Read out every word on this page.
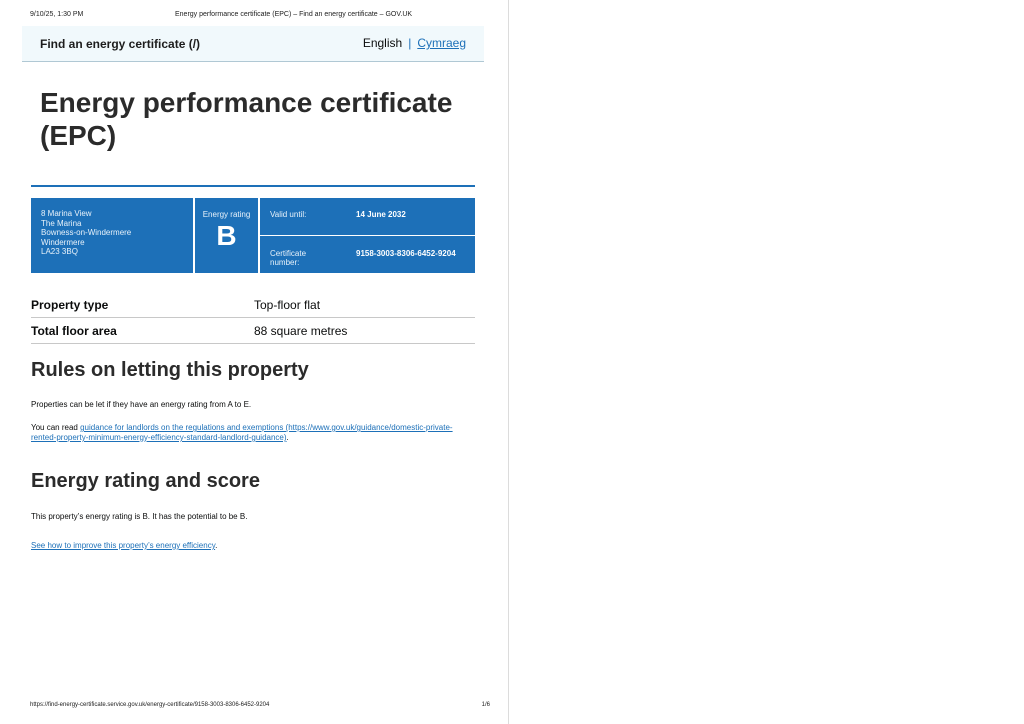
9/10/25, 1:30 PM	Energy performance certificate (EPC) – Find an energy certificate – GOV.UK
Find an energy certificate (/)	English | Cymraeg
Energy performance certificate (EPC)
8 Marina View
The Marina
Bowness-on-Windermere
Windermere
LA23 3BQ
Energy rating
B
Valid until:	14 June 2032
Certificate number:
9158-3003-8306-6452-9204
Property type	Top-floor flat
Total floor area	88 square metres
Rules on letting this property

Properties can be let if they have an energy rating from A to E.

You can read guidance for landlords on the regulations and exemptions (https://www.gov.uk/guidance/domestic-private-rented-property-minimum-energy-efficiency-standard-landlord-guidance).

Energy rating and score

This property’s energy rating is B. It has the potential to be B.

See how to improve this property’s energy efficiency.

https://find-energy-certificate.service.gov.uk/energy-certificate/9158-3003-8306-6452-9204	1/6
